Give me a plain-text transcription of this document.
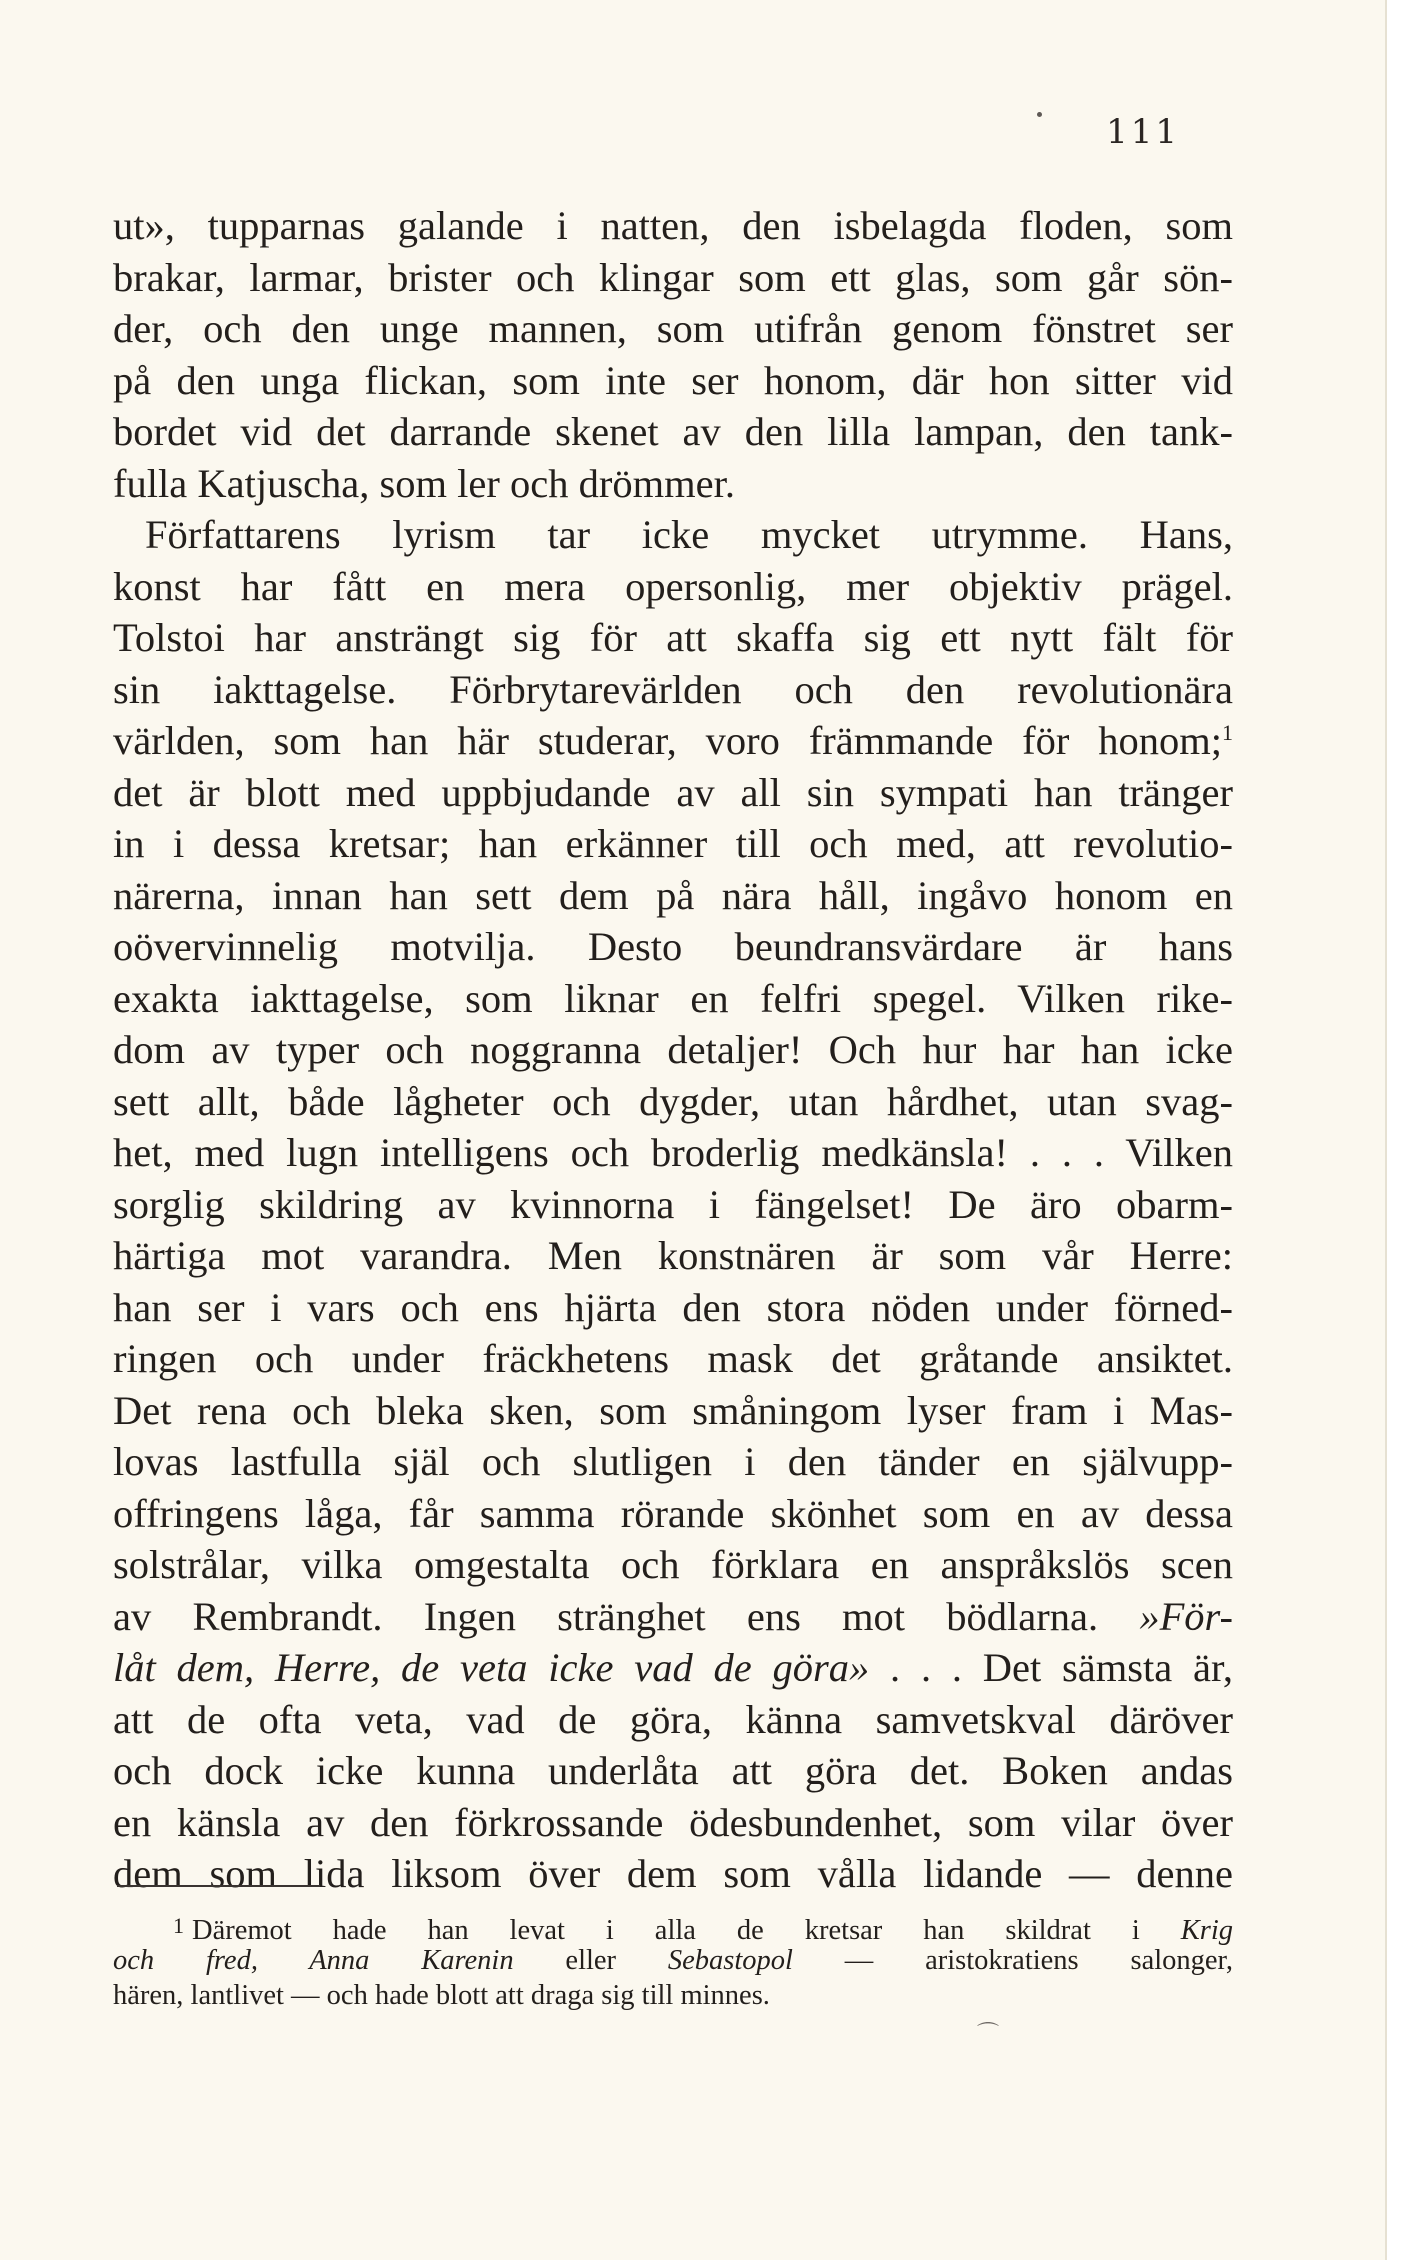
111
ut», tupparnas galande i natten, den isbelagda floden, som
brakar, larmar, brister och klingar som ett glas, som går sön-
der, och den unge mannen, som utifrån genom fönstret ser
på den unga flickan, som inte ser honom, där hon sitter vid
bordet vid det darrande skenet av den lilla lampan, den tank-
fulla Katjuscha, som ler och drömmer.
Författarens lyrism tar icke mycket utrymme. Hans,
konst har fått en mera opersonlig, mer objektiv prägel.
Tolstoi har ansträngt sig för att skaffa sig ett nytt fält för
sin iakttagelse. Förbrytarevärlden och den revolutionära
världen, som han här studerar, voro främmande för honom;$^1$
det är blott med uppbjudande av all sin sympati han tränger
in i dessa kretsar; han erkänner till och med, att revolutio-
närerna, innan han sett dem på nära håll, ingåvo honom en
oövervinnelig motvilja. Desto beundransvärdare är hans
exakta iakttagelse, som liknar en felfri spegel. Vilken rike-
dom av typer och noggranna detaljer! Och hur har han icke
sett allt, både lågheter och dygder, utan hårdhet, utan svag-
het, med lugn intelligens och broderlig medkänsla! . . . Vilken
sorglig skildring av kvinnorna i fängelset! De äro obarm-
härtiga mot varandra. Men konstnären är som vår Herre:
han ser i vars och ens hjärta den stora nöden under förned-
ringen och under fräckhetens mask det gråtande ansiktet.
Det rena och bleka sken, som småningom lyser fram i Mas-
lovas lastfulla själ och slutligen i den tänder en självupp-
offringens låga, får samma rörande skönhet som en av dessa
solstrålar, vilka omgestalta och förklara en anspråkslös scen
av Rembrandt. Ingen stränghet ens mot bödlarna. »För-
låt dem, Herre, de veta icke vad de göra» . . . Det sämsta är,
att de ofta veta, vad de göra, känna samvetskval däröver
och dock icke kunna underlåta att göra det. Boken andas
en känsla av den förkrossande ödesbundenhet, som vilar över
dem som lida liksom över dem som vålla lidande — denne
$^1$ Däremot hade han levat i alla de kretsar han skildrat i Krig
och fred, Anna Karenin eller Sebastopol — aristokratiens salonger,
hären, lantlivet — och hade blott att draga sig till minnes.
⌒
